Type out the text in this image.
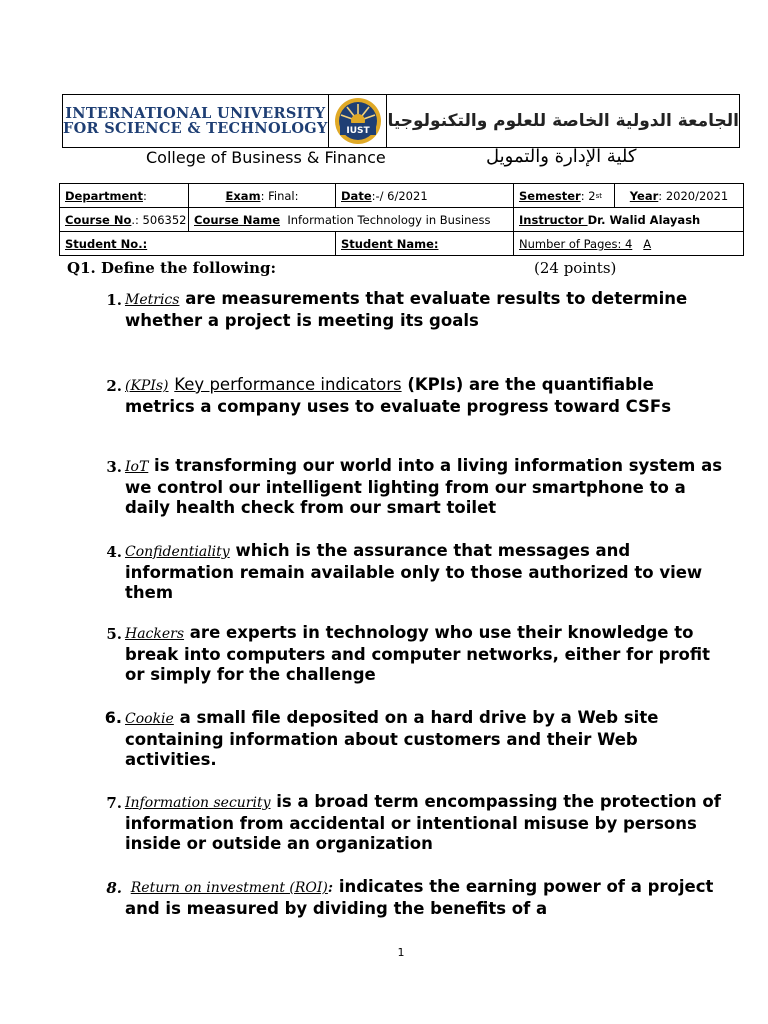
INTERNATIONAL UNIVERSITY
FOR SCIENCE & TECHNOLOGY IUST الجامعة الدولية الخاصة للعلوم والتكنولوجيا
College of Business & Finance	كلية الإدارة والتمويل
Department:	Exam: Final:	Date:-/ 6/2021	Semester : 2 st Year: 2020/2021

Course No.: 506352	Course Name Information Technology in Business		Instructor Dr. Walid Alayash
Student No.:		Student Name:	Number of Pages: 4 A
Q1. Define the following:	(24 points)
1. Metrics are measurements that evaluate results to determine whether a project is meeting its goals
2. (KPIs) Key performance indicators (KPIs) are the quantifiable metrics a company uses to evaluate progress toward CSFs
3. IoT is transforming our world into a living information system as we control our intelligent lighting from our smartphone to a daily health check from our smart toilet
4. Confidentiality which is the assurance that messages and information remain available only to those authorized to view them
5. Hackers are experts in technology who use their knowledge to break into computers and computer networks, either for profit or simply for the challenge
6. Cookie a small file deposited on a hard drive by a Web site containing information about customers and their Web activities.
7. Information security is a broad term encompassing the protection of information from accidental or intentional misuse by persons inside or outside an organization
8. Return on investment (ROI): indicates the earning power of a project and is measured by dividing the benefits of a
1
